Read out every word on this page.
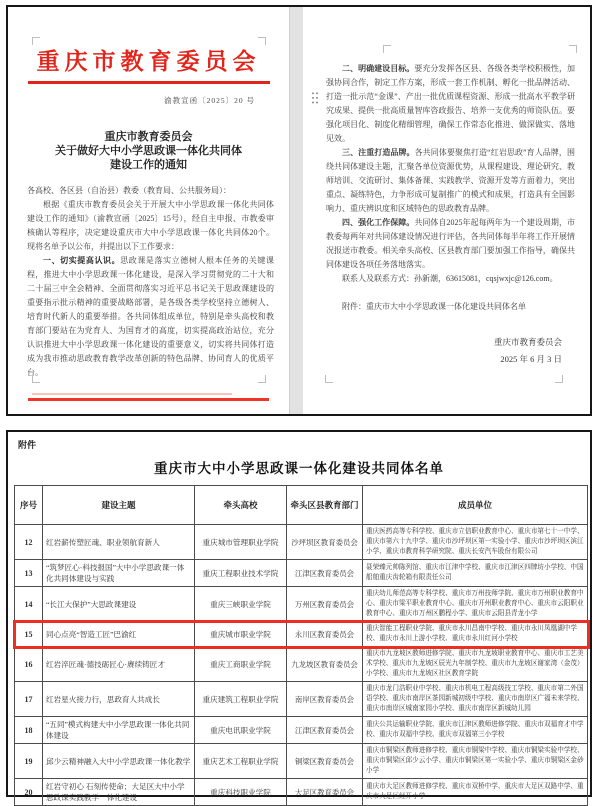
重庆市教育委员会
渝教宣函〔2025〕20 号
重庆市教育委员会
关于做好大中小学思政课一体化共同体
建设工作的通知

各高校、各区县（自治县）教委（教育局、公共服务局）：

根据《重庆市教育委员会关于开展大中小学思政课一体化共同体建设工作的通知》（渝教宣函〔2025〕15号），经自主申报、市教委审核确认等程序，决定建设重庆市大中小学思政课一体化共同体20个。现将名单予以公布，并提出以下工作要求：

一、切实提高认识。思政课是落实立德树人根本任务的关键课程，推进大中小学思政课一体化建设，是深入学习贯彻党的二十大和二十届三中全会精神、全面贯彻落实习近平总书记关于思政课建设的重要指示批示精神的重要战略部署，是各级各类学校坚持立德树人、培育时代新人的重要举措。各共同体组成单位，特别是牵头高校和教育部门要站在为党育人、为国育才的高度，切实提高政治站位，充分认识推进大中小学思政课一体化建设的重要意义，切实将共同体打造成为我市推动思政教育教学改革创新的特色品牌、协同育人的优质平台。

二、明确建设目标。要充分发挥各区县、各级各类学校积极性，加强协同合作，制定工作方案，形成一套工作机制、孵化一批品牌活动、打造一批示范“金课”、产出一批优质课程资源、形成一批高水平教学研究成果、提供一批高质量智库咨政报告、培养一支优秀的师资队伍。要强化项目化、制度化精细管理，确保工作常态化推进、做深做实、落地见效。

三、注重打造品牌。各共同体要聚焦打造“红岩思政”育人品牌，围绕共同体建设主题，汇聚各单位资源优势，从课程建设、理论研究、教师培训、交流研讨、集体备课、实践教学、资源开发等方面着力，突出重点、凝练特色，力争形成可复制推广的模式和成果，打造具有全国影响力、重庆辨识度和区域特色的思政教育品牌。

四、强化工作保障。共同体自2025年起每两年为一个建设周期，市教委每两年对共同体建设情况进行评估，各共同体每半年将工作开展情况报送市教委。相关牵头高校、区县教育部门要加强工作指导，确保共同体建设各项任务落地落实。

联系人及联系方式：孙新潮，63615081，cqsjwxjc@126.com。

附件：重庆市大中小学思政课一体化建设共同体名单

重庆市教育委员会
2025 年 6 月 3 日
附件
重庆市大中小学思政课一体化建设共同体名单
序号	建设主题	牵头高校	牵头区县教育部门	成员单位
12	红岩薪传塑匠魂、职业领航育新人	重庆城市管理职业学院	沙坪坝区教育委员会	重庆医药高等专科学校、重庆市立信职业教育中心、重庆市第七十一中学、重庆市第六十九中学、重庆市沙坪坝区第一实验小学、重庆市沙坪坝区滨江小学、重庆市教育科学研究院、重庆长安汽车股份有限公司
13	“筑梦匠心·科技报国”大中小学思政课一体化共同体建设与实践	重庆工程职业技术学院	江津区教育委员会	聂荣臻元帅陈列馆、重庆市江津中学校、重庆市江津区四牌坊小学校、中国船舶重庆齿轮箱有限责任公司
14	“长江大保护”大思政课建设	重庆三峡职业学院	万州区教育委员会	重庆幼儿师范高等专科学校、重庆市万州技师学院、重庆市万州职业教育中心、重庆市梁平职业教育中心、重庆市开州职业教育中心、重庆市云阳职业教育中心、重庆市万州区鹏程小学、重庆市云阳县青龙小学
15	同心点亮“智造工匠”巴渝红	重庆城市职业学院	永川区教育委员会	重庆智能工程职业学院、重庆市永川昌南中学校、重庆市永川凤凰湖中学校、重庆市永川上游小学校、重庆市永川红河小学校
16	红岩淬匠魂·德技砺匠心·赓续铸匠才	重庆工商职业学院	九龙坡区教育委员会	重庆市九龙坡区教师进修学院、重庆市九龙坡职业教育中心、重庆市工艺美术学校、重庆市九龙坡区辰光九年制学校、重庆市九龙坡区谢家湾（金茂）小学校、重庆市九龙坡区社区教育学院
17	红岩星火接力行，思政育人共成长	重庆建筑工程职业学院	南岸区教育委员会	重庆市龙门浩职业中学校、重庆市机电工程高级技工学校、重庆市第二外国语学校、重庆市南岸区茶园新城初级中学校、重庆市南岸区广福未来学校、重庆市南岸区城南家园小学校、重庆市南岸区新城幼儿园
18	“五同”模式构建大中小学思政课一体化共同体建设	重庆电讯职业学院	江津区教育委员会	重庆公共运输职业学院、重庆市江津区教师进修学院、重庆市双福育才中学校、重庆市双福中学校、重庆市双福第三小学校
19	邱少云精神融入大中小学思政课一体化教学	重庆艺术工程职业学院	铜梁区教育委员会	重庆市铜梁区教师进修学校、重庆市铜梁中学校、重庆市铜梁实验中学校、重庆市铜梁区邱少云小学、重庆市铜梁区第一实验小学、重庆市铜梁区金砂小学
20	红岩守初心 石刻传使命；大足区大中小学思政课实践教学一体化建设	重庆科技职业学院	大足区教育委员会	重庆市大足区教师进修学校、重庆市双桥中学、重庆市大足区双路中学、重庆市大足区经开小学
